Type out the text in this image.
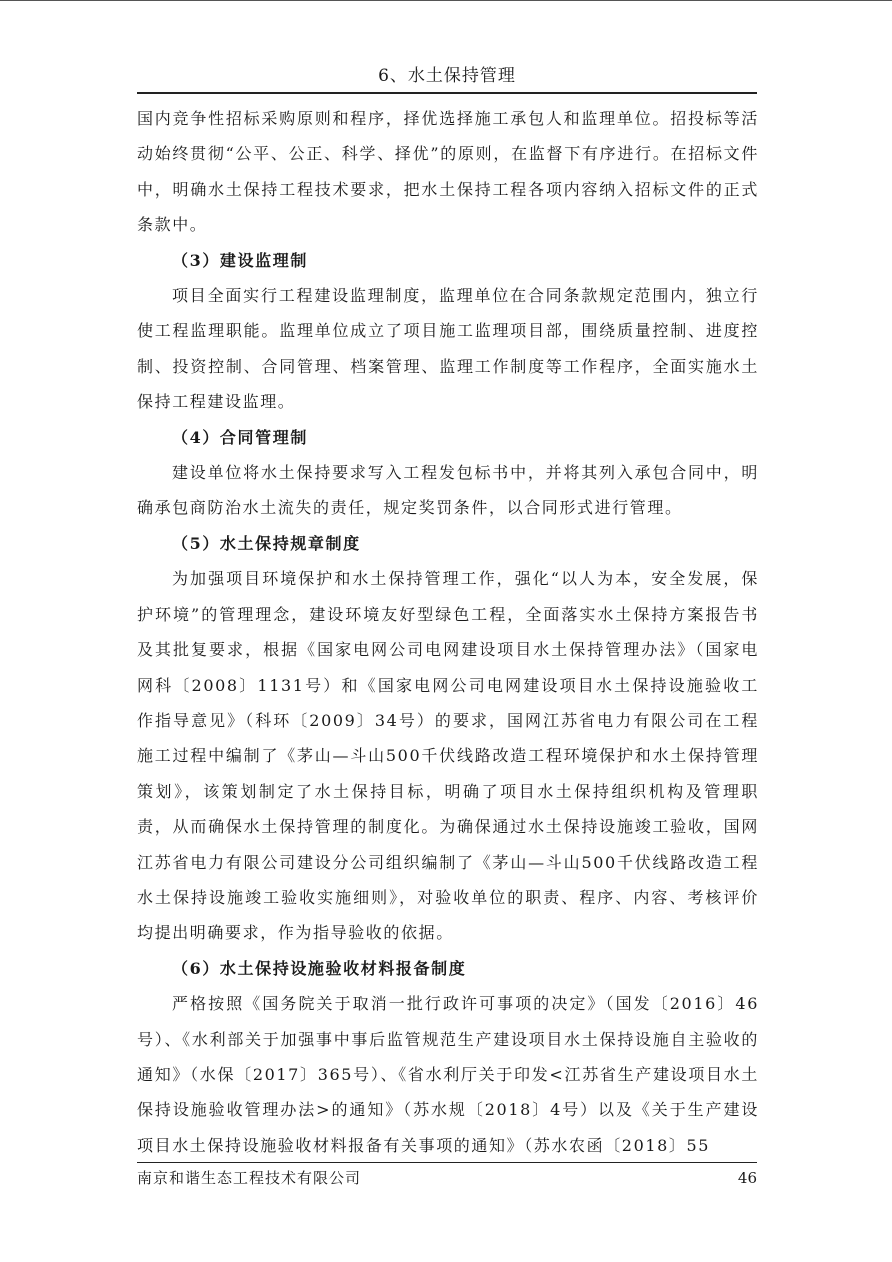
6、水土保持管理

国内竞争性招标采购原则和程序，择优选择施工承包人和监理单位。招投标等活动始终贯彻“公平、公正、科学、择优”的原则，在监督下有序进行。在招标文件中，明确水土保持工程技术要求，把水土保持工程各项内容纳入招标文件的正式条款中。

（3）建设监理制

项目全面实行工程建设监理制度，监理单位在合同条款规定范围内，独立行使工程监理职能。监理单位成立了项目施工监理项目部，围绕质量控制、进度控制、投资控制、合同管理、档案管理、监理工作制度等工作程序，全面实施水土保持工程建设监理。

（4）合同管理制

建设单位将水土保持要求写入工程发包标书中，并将其列入承包合同中，明确承包商防治水土流失的责任，规定奖罚条件，以合同形式进行管理。

（5）水土保持规章制度

为加强项目环境保护和水土保持管理工作，强化“以人为本，安全发展，保护环境”的管理理念，建设环境友好型绿色工程，全面落实水土保持方案报告书及其批复要求，根据《国家电网公司电网建设项目水土保持管理办法》（国家电网科〔2008〕1131号）和《国家电网公司电网建设项目水土保持设施验收工作指导意见》（科环〔2009〕34号）的要求，国网江苏省电力有限公司在工程施工过程中编制了《茅山—斗山500千伏线路改造工程环境保护和水土保持管理策划》，该策划制定了水土保持目标，明确了项目水土保持组织机构及管理职责，从而确保水土保持管理的制度化。为确保通过水土保持设施竣工验收，国网江苏省电力有限公司建设分公司组织编制了《茅山—斗山500千伏线路改造工程水土保持设施竣工验收实施细则》，对验收单位的职责、程序、内容、考核评价均提出明确要求，作为指导验收的依据。

（6）水土保持设施验收材料报备制度

严格按照《国务院关于取消一批行政许可事项的决定》（国发〔2016〕46号）、《水利部关于加强事中事后监管规范生产建设项目水土保持设施自主验收的通知》（水保〔2017〕365号）、《省水利厅关于印发<江苏省生产建设项目水土保持设施验收管理办法>的通知》（苏水规〔2018〕4号）以及《关于生产建设项目水土保持设施验收材料报备有关事项的通知》（苏水农函〔2018〕55

南京和谐生态工程技术有限公司	46
